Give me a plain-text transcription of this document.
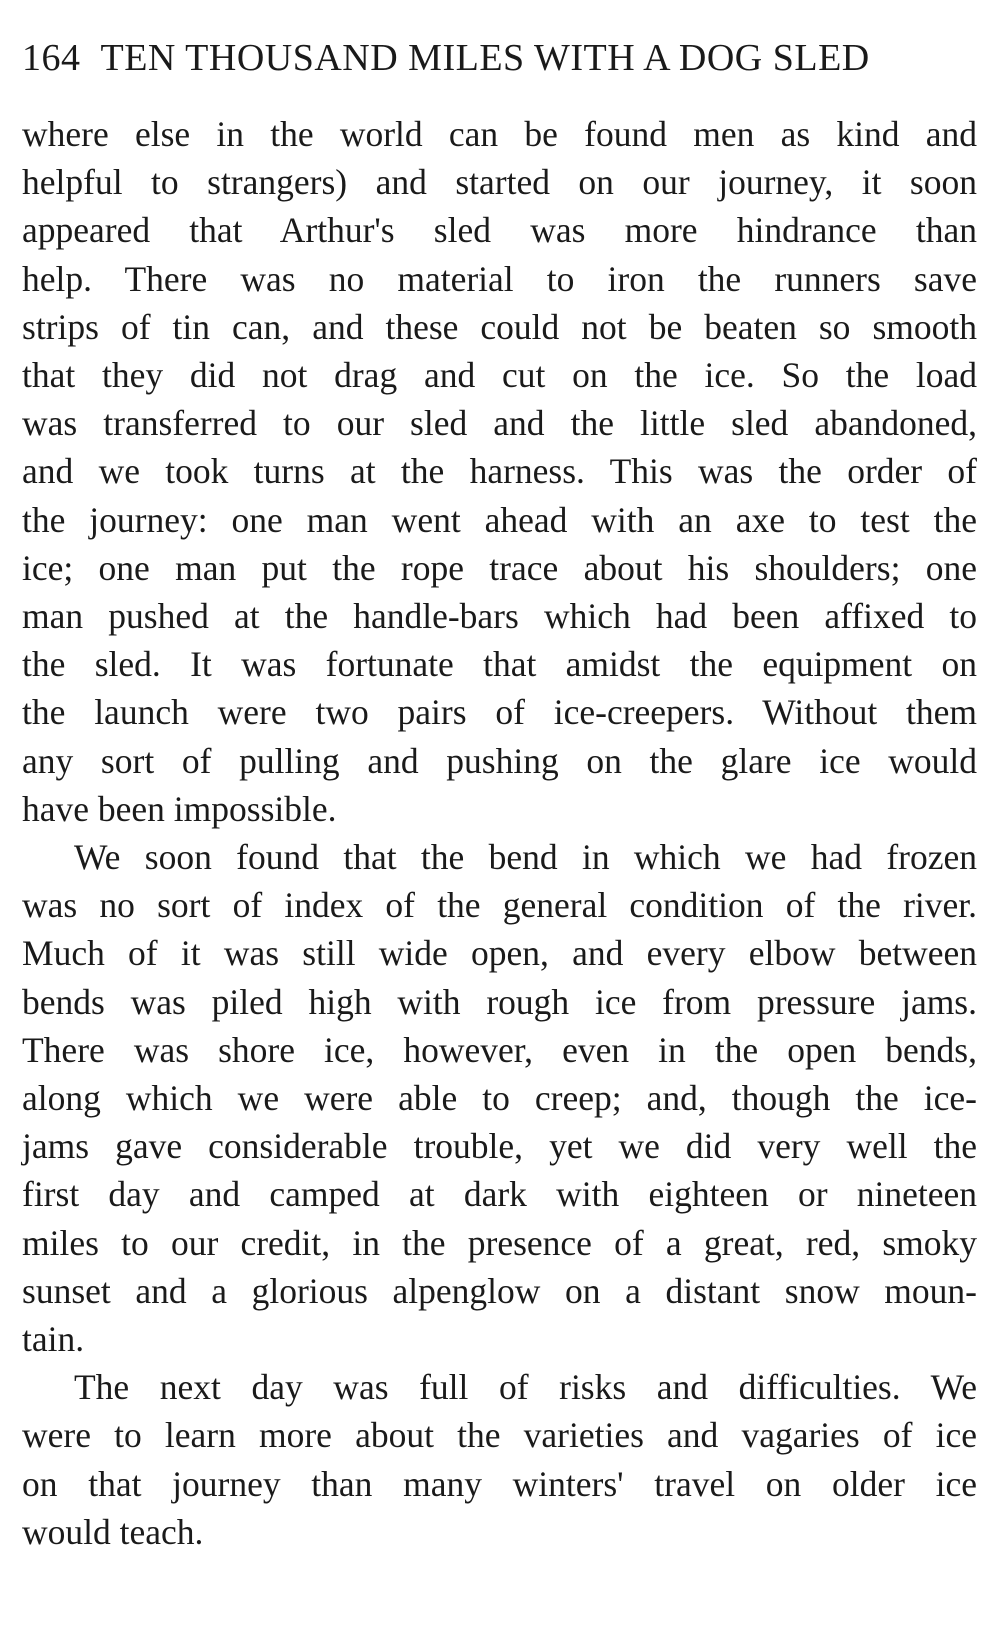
164 TEN THOUSAND MILES WITH A DOG SLED

where else in the world can be found men as kind and
helpful to strangers) and started on our journey, it soon
appeared that Arthur's sled was more hindrance than
help. There was no material to iron the runners save
strips of tin can, and these could not be beaten so smooth
that they did not drag and cut on the ice. So the load
was transferred to our sled and the little sled abandoned,
and we took turns at the harness. This was the order of
the journey: one man went ahead with an axe to test the
ice; one man put the rope trace about his shoulders; one
man pushed at the handle-bars which had been affixed to
the sled. It was fortunate that amidst the equipment on
the launch were two pairs of ice-creepers. Without them
any sort of pulling and pushing on the glare ice would
have been impossible.

We soon found that the bend in which we had frozen
was no sort of index of the general condition of the river.
Much of it was still wide open, and every elbow between
bends was piled high with rough ice from pressure jams.
There was shore ice, however, even in the open bends,
along which we were able to creep; and, though the ice-
jams gave considerable trouble, yet we did very well the
first day and camped at dark with eighteen or nineteen
miles to our credit, in the presence of a great, red, smoky
sunset and a glorious alpenglow on a distant snow moun-
tain.

The next day was full of risks and difficulties. We
were to learn more about the varieties and vagaries of ice
on that journey than many winters' travel on older ice
would teach.
